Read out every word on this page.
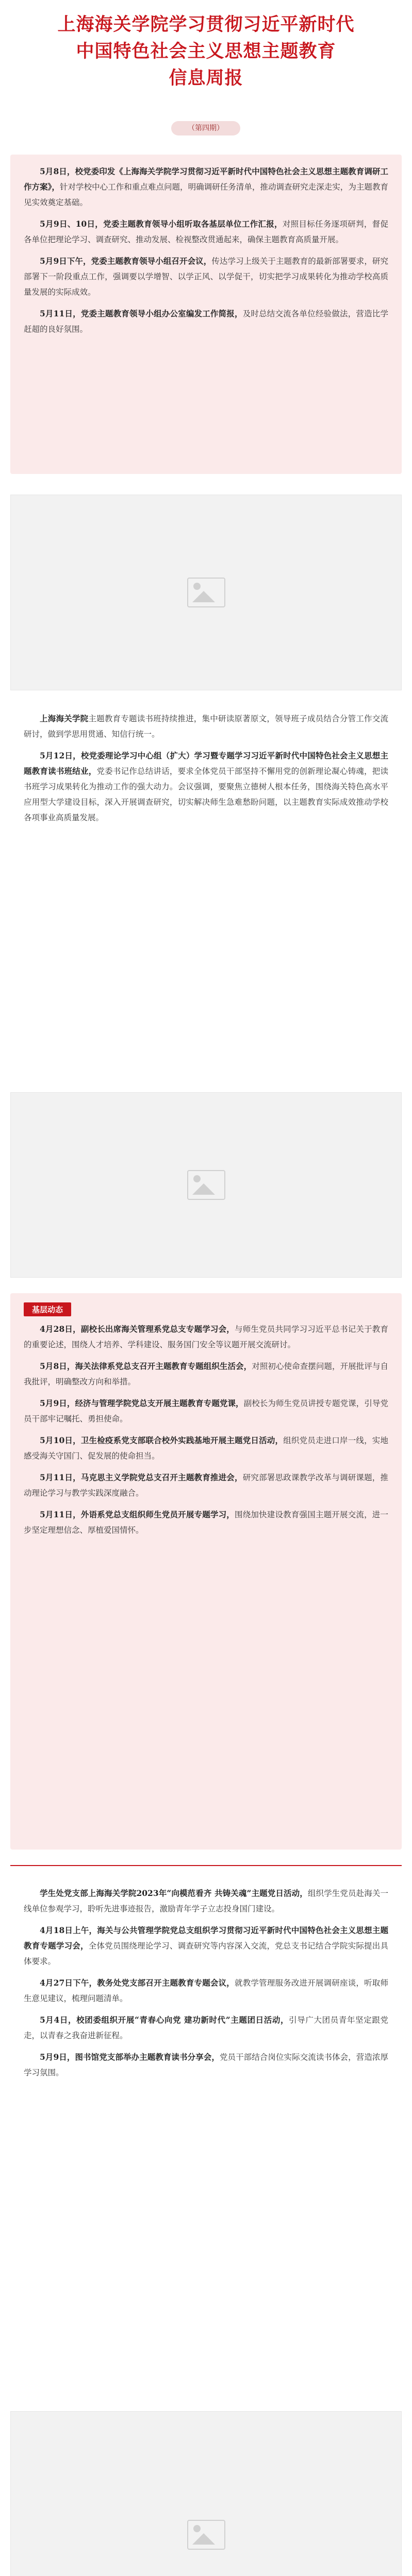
上海海关学院学习贯彻习近平新时代

中国特色社会主义思想主题教育

信息周报

（第四期）

5月8日，校党委印发《上海海关学院学习贯彻习近平新时代中国特色社会主义思想主题教育调研工作方案》，针对学校中心工作和重点难点问题，明确调研任务清单，推动调查研究走深走实，为主题教育见实效奠定基础。

5月9日、10日，党委主题教育领导小组听取各基层单位工作汇报，对照目标任务逐项研判，督促各单位把理论学习、调查研究、推动发展、检视整改贯通起来，确保主题教育高质量开展。

5月9日下午，党委主题教育领导小组召开会议，传达学习上级关于主题教育的最新部署要求，研究部署下一阶段重点工作，强调要以学增智、以学正风、以学促干，切实把学习成果转化为推动学校高质量发展的实际成效。

5月11日，党委主题教育领导小组办公室编发工作简报，及时总结交流各单位经验做法，营造比学赶超的良好氛围。

上海海关学院主题教育专题读书班持续推进，集中研读原著原文，领导班子成员结合分管工作交流研讨，做到学思用贯通、知信行统一。

5月12日，校党委理论学习中心组（扩大）学习暨专题学习习近平新时代中国特色社会主义思想主题教育读书班结业，党委书记作总结讲话，要求全体党员干部坚持不懈用党的创新理论凝心铸魂，把读书班学习成果转化为推动工作的强大动力。会议强调，要聚焦立德树人根本任务，围绕海关特色高水平应用型大学建设目标，深入开展调查研究，切实解决师生急难愁盼问题，以主题教育实际成效推动学校各项事业高质量发展。

基层动态

4月28日，副校长出席海关管理系党总支专题学习会，与师生党员共同学习习近平总书记关于教育的重要论述，围绕人才培养、学科建设、服务国门安全等议题开展交流研讨。

5月8日，海关法律系党总支召开主题教育专题组织生活会，对照初心使命查摆问题，开展批评与自我批评，明确整改方向和举措。

5月9日，经济与管理学院党总支开展主题教育专题党课，副校长为师生党员讲授专题党课，引导党员干部牢记嘱托、勇担使命。

5月10日，卫生检疫系党支部联合校外实践基地开展主题党日活动，组织党员走进口岸一线，实地感受海关守国门、促发展的使命担当。

5月11日，马克思主义学院党总支召开主题教育推进会，研究部署思政课教学改革与调研课题，推动理论学习与教学实践深度融合。

5月11日，外语系党总支组织师生党员开展专题学习，围绕加快建设教育强国主题开展交流，进一步坚定理想信念、厚植爱国情怀。

学生处党支部上海海关学院2023年“向模范看齐 共铸关魂”主题党日活动，组织学生党员赴海关一线单位参观学习，聆听先进事迹报告，激励青年学子立志投身国门建设。

4月18日上午，海关与公共管理学院党总支组织学习贯彻习近平新时代中国特色社会主义思想主题教育专题学习会，全体党员围绕理论学习、调查研究等内容深入交流，党总支书记结合学院实际提出具体要求。

4月27日下午，教务处党支部召开主题教育专题会议，就教学管理服务改进开展调研座谈，听取师生意见建议，梳理问题清单。

5月4日，校团委组织开展“青春心向党 建功新时代”主题团日活动，引导广大团员青年坚定跟党走，以青春之我奋进新征程。

5月9日，图书馆党支部举办主题教育读书分享会，党员干部结合岗位实际交流读书体会，营造浓厚学习氛围。
